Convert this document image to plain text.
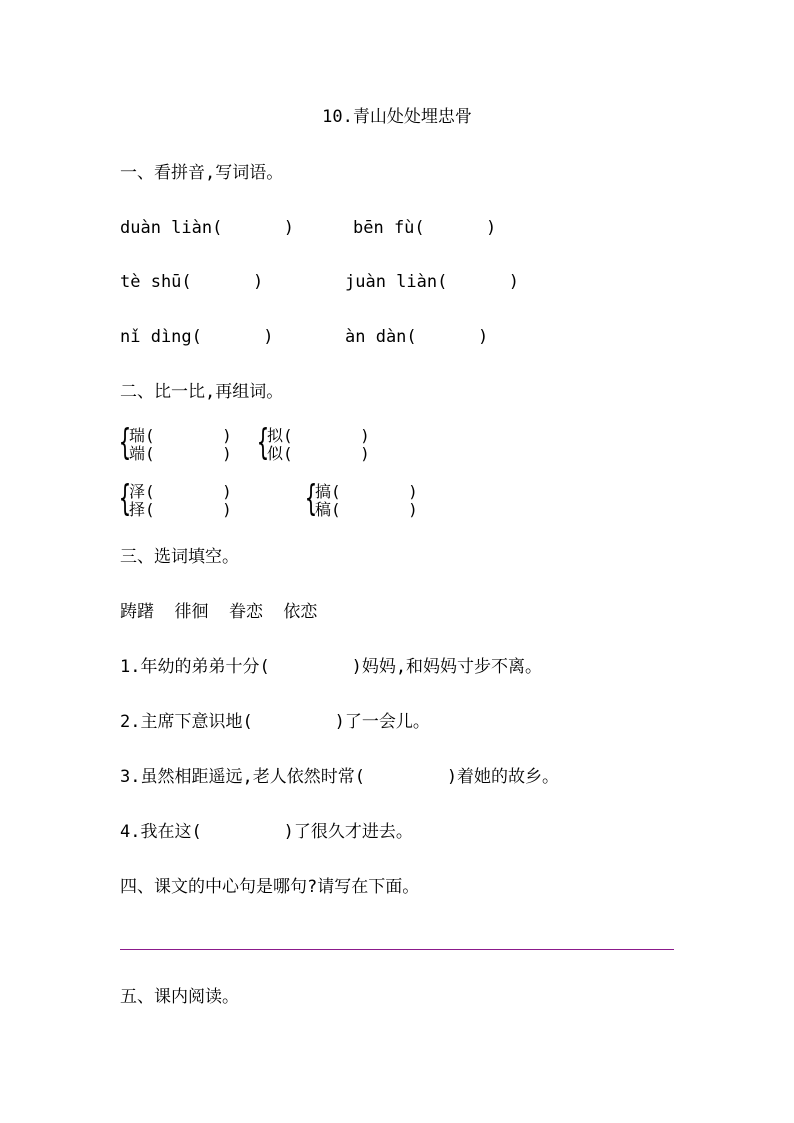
10.青山处处埋忠骨
一、看拼音,写词语。
duàn liàn(      )	bēn fù(      )
tè shū(      )	juàn liàn(      )
nǐ dìng(      )	àn dàn(      )
二、比一比,再组词。
{
瑞(       )
端(       ) {
拟(       )
似(       )
{
泽(       )
择(       ) {
搞(       )
稿(       )
三、选词填空。
踌躇  徘徊  眷恋  依恋
1.年幼的弟弟十分(        )妈妈,和妈妈寸步不离。
2.主席下意识地(        )了一会儿。
3.虽然相距遥远,老人依然时常(        )着她的故乡。
4.我在这(        )了很久才进去。
四、课文的中心句是哪句?请写在下面。
五、课内阅读。
